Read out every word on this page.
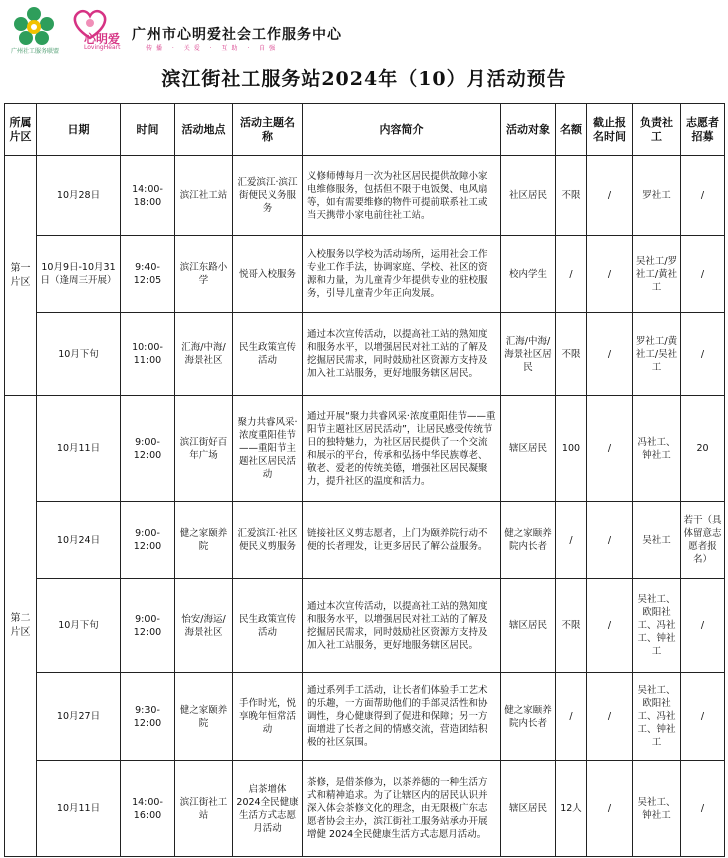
广州社工服务联盟
心明爱
LovingHeart
广州市心明爱社会工作服务中心
传播 · 关爱 · 互助 · 自强
滨江街社工服务站2024年（10）月活动预告
所属片区	日期	时间	活动地点	活动主题名称	内容简介	活动对象	名额	截止报名时间	负责社工	志愿者招募
第一片区	10月28日	14:00-18:00	滨江社工站	汇爱滨江·滨江街便民义务服务	义修师傅每月一次为社区居民提供故障小家电维修服务，包括但不限于电饭煲、电风扇等，如有需要维修的物件可提前联系社工或当天携带小家电前往社工站。	社区居民	不限	/	罗社工	/
	10月9日-10月31日（逢周三开展）	9:40-12:05	滨江东路小学	悦哥入校服务	入校服务以学校为活动场所，运用社会工作专业工作手法，协调家庭、学校、社区的资源和力量，为儿童青少年提供专业的驻校服务，引导儿童青少年正向发展。	校内学生	/	/	吴社工/罗社工/黄社工	/
	10月下旬	10:00-11:00	汇海/中海/海景社区	民生政策宣传活动	通过本次宣传活动，以提高社工站的熟知度和服务水平，以增强居民对社工站的了解及挖掘居民需求，同时鼓励社区资源方支持及加入社工站服务，更好地服务辖区居民。	汇海/中海/海景社区居民	不限	/	罗社工/黄社工/吴社工	/
第二片区	10月11日	9:00-12:00	滨江街好百年广场	聚力共睿风采·浓度重阳佳节——重阳节主题社区居民活动	通过开展“聚力共睿风采·浓度重阳佳节——重阳节主题社区居民活动”，让居民感受传统节日的独特魅力，为社区居民提供了一个交流和展示的平台，传承和弘扬中华民族尊老、敬老、爱老的传统美德，增强社区居民凝聚力，提升社区的温度和活力。	辖区居民	100	/	冯社工、钟社工	20
	10月24日	9:00-12:00	健之家颐养院	汇爱滨江·社区便民义剪服务	链接社区义剪志愿者，上门为颐养院行动不便的长者理发，让更多居民了解公益服务。	健之家颐养院内长者	/	/	吴社工	若干（具体留意志愿者报名）
	10月下旬	9:00-12:00	怡安/海运/海景社区	民生政策宣传活动	通过本次宣传活动，以提高社工站的熟知度和服务水平，以增强居民对社工站的了解及挖掘居民需求，同时鼓励社区资源方支持及加入社工站服务，更好地服务辖区居民。	辖区居民	不限	/	吴社工、欧阳社工、冯社工、钟社工	/
	10月27日	9:30-12:00	健之家颐养院	手作时光，悦享晚年恒常活动	通过系列手工活动，让长者们体验手工艺术的乐趣，一方面帮助他们的手部灵活性和协调性，身心健康得到了促进和保障；另一方面增进了长者之间的情感交流，营造团结积极的社区氛围。	健之家颐养院内长者	/	/	吴社工、欧阳社工、冯社工、钟社工	/
	10月11日	14:00-16:00	滨江街社工站	启茶增体 2024全民健康生活方式志愿月活动	茶修，是借茶修为，以茶养德的一种生活方式和精神追求。为了让辖区内的居民认识并深入体会茶修文化的理念，由无限极广东志愿者协会主办，滨江街社工服务站承办开展增健 2024全民健康生活方式志愿月活动。	辖区居民	12人	/	吴社工、钟社工	/
